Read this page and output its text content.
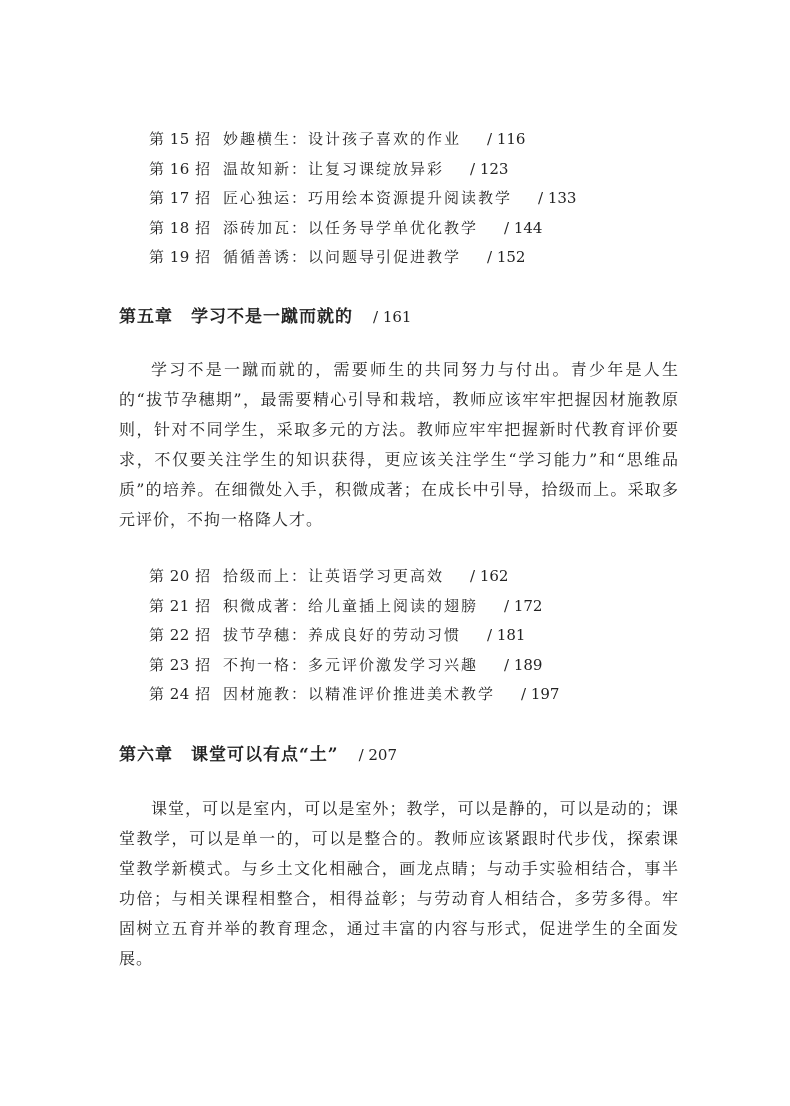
第 15 招 妙趣横生：设计孩子喜欢的作业 / 116
第 16 招 温故知新：让复习课绽放异彩 / 123
第 17 招 匠心独运：巧用绘本资源提升阅读教学 / 133
第 18 招 添砖加瓦：以任务导学单优化教学 / 144
第 19 招 循循善诱：以问题导引促进教学 / 152
第五章　学习不是一蹴而就的 / 161

学习不是一蹴而就的，需要师生的共同努力与付出。青少年是人生的“拔节孕穗期”，最需要精心引导和栽培，教师应该牢牢把握因材施教原则，针对不同学生，采取多元的方法。教师应牢牢把握新时代教育评价要求，不仅要关注学生的知识获得，更应该关注学生“学习能力”和“思维品质”的培养。在细微处入手，积微成著；在成长中引导，拾级而上。采取多元评价，不拘一格降人才。

第 20 招 拾级而上：让英语学习更高效 / 162
第 21 招 积微成著：给儿童插上阅读的翅膀 / 172
第 22 招 拔节孕穗：养成良好的劳动习惯 / 181
第 23 招 不拘一格：多元评价激发学习兴趣 / 189
第 24 招 因材施教：以精准评价推进美术教学 / 197
第六章　课堂可以有点“土” / 207

课堂，可以是室内，可以是室外；教学，可以是静的，可以是动的；课堂教学，可以是单一的，可以是整合的。教师应该紧跟时代步伐，探索课堂教学新模式。与乡土文化相融合，画龙点睛；与动手实验相结合，事半功倍；与相关课程相整合，相得益彰；与劳动育人相结合，多劳多得。牢固树立五育并举的教育理念，通过丰富的内容与形式，促进学生的全面发展。
